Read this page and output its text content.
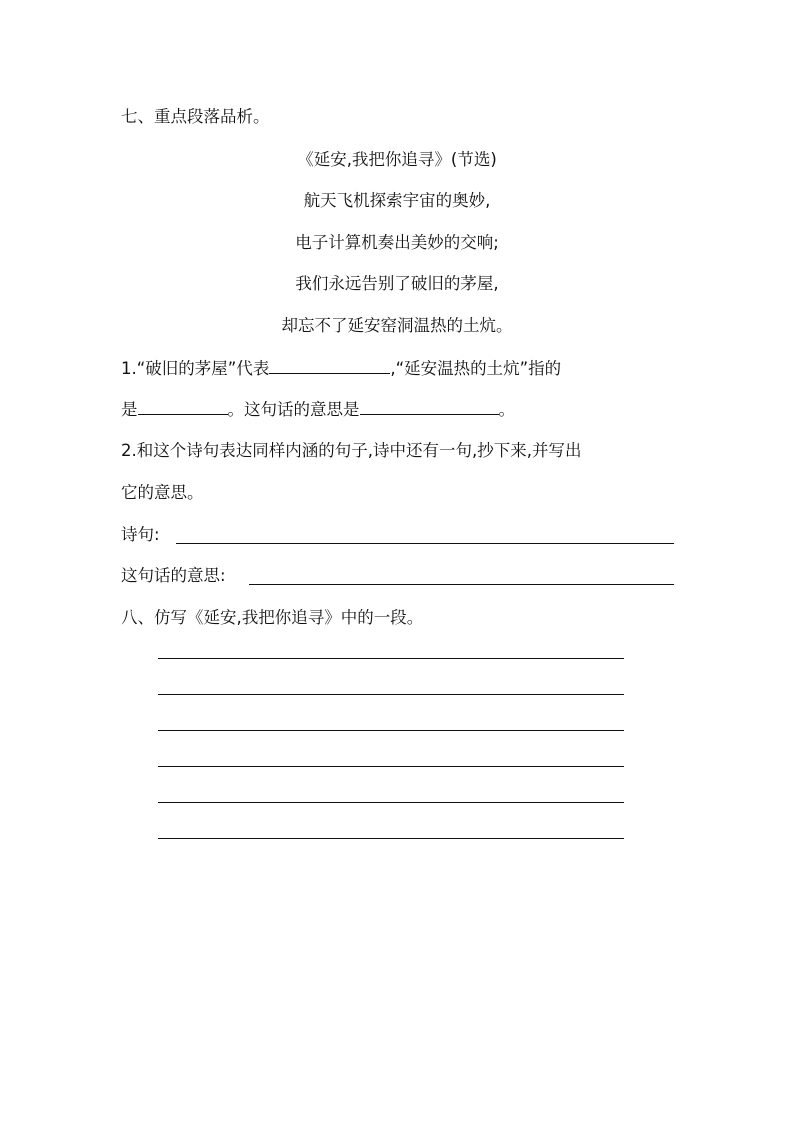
七、重点段落品析。
《延安,我把你追寻》(节选)
航天飞机探索宇宙的奥妙,
电子计算机奏出美妙的交响;
我们永远告别了破旧的茅屋,
却忘不了延安窑洞温热的土炕。
1.“破旧的茅屋”代表	,“延安温热的土炕”指的
是	。这句话的意思是	。
2.和这个诗句表达同样内涵的句子,诗中还有一句,抄下来,并写出
它的意思。
诗句:
这句话的意思:
八、仿写《延安,我把你追寻》中的一段。
